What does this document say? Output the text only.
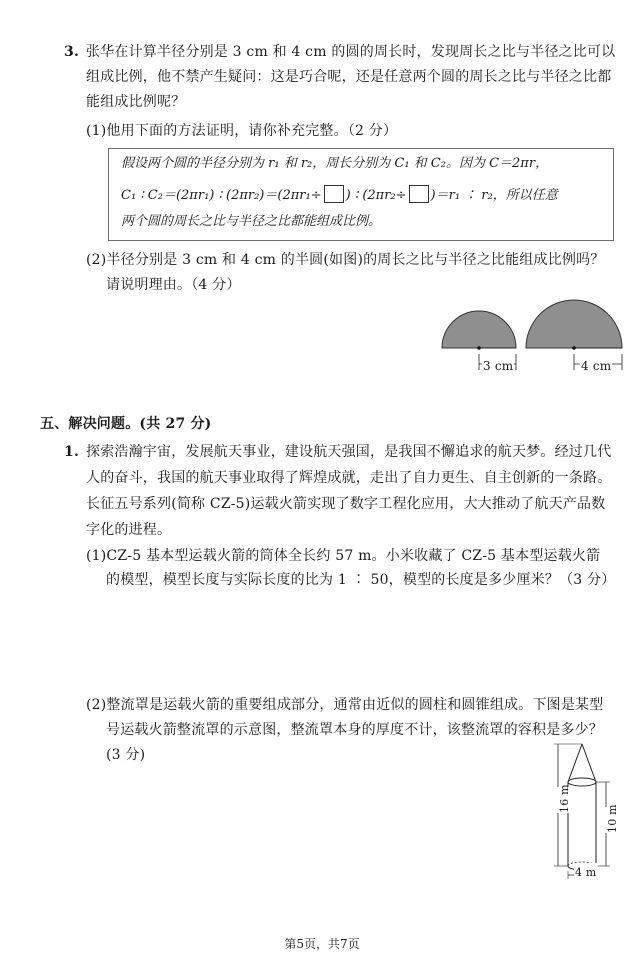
3. 张华在计算半径分别是 3 cm 和 4 cm 的圆的周长时，发现周长之比与半径之比可以
组成比例，他不禁产生疑问：这是巧合呢，还是任意两个圆的周长之比与半径之比都
能组成比例呢？
(1)他用下面的方法证明，请你补充完整。（2 分）
假设两个圆的半径分别为 r₁ 和 r₂，周长分别为 C₁ 和 C₂。因为 C＝2πr，
C₁ ∶ C₂＝(2πr₁) ∶ (2πr₂)＝(2πr₁÷ ) ∶ (2πr₂÷ )＝r₁ ∶ r₂，所以任意
两个圆的周长之比与半径之比都能组成比例。
(2)半径分别是 3 cm 和 4 cm 的半圆(如图)的周长之比与半径之比能组成比例吗？
请说明理由。（4 分）
3 cm	4 cm
五、解决问题。(共 27 分)
1. 探索浩瀚宇宙，发展航天事业，建设航天强国，是我国不懈追求的航天梦。经过几代
人的奋斗，我国的航天事业取得了辉煌成就，走出了自力更生、自主创新的一条路。
长征五号系列(简称 CZ-5)运载火箭实现了数字工程化应用，大大推动了航天产品数
字化的进程。
(1)CZ-5 基本型运载火箭的筒体全长约 57 m。小米收藏了 CZ-5 基本型运载火箭
的模型，模型长度与实际长度的比为 1 ∶ 50，模型的长度是多少厘米？（3 分）
(2)整流罩是运载火箭的重要组成部分，通常由近似的圆柱和圆锥组成。下图是某型
号运载火箭整流罩的示意图，整流罩本身的厚度不计，该整流罩的容积是多少？
(3 分)
16 m
10 m
4 m
第5页，共7页
